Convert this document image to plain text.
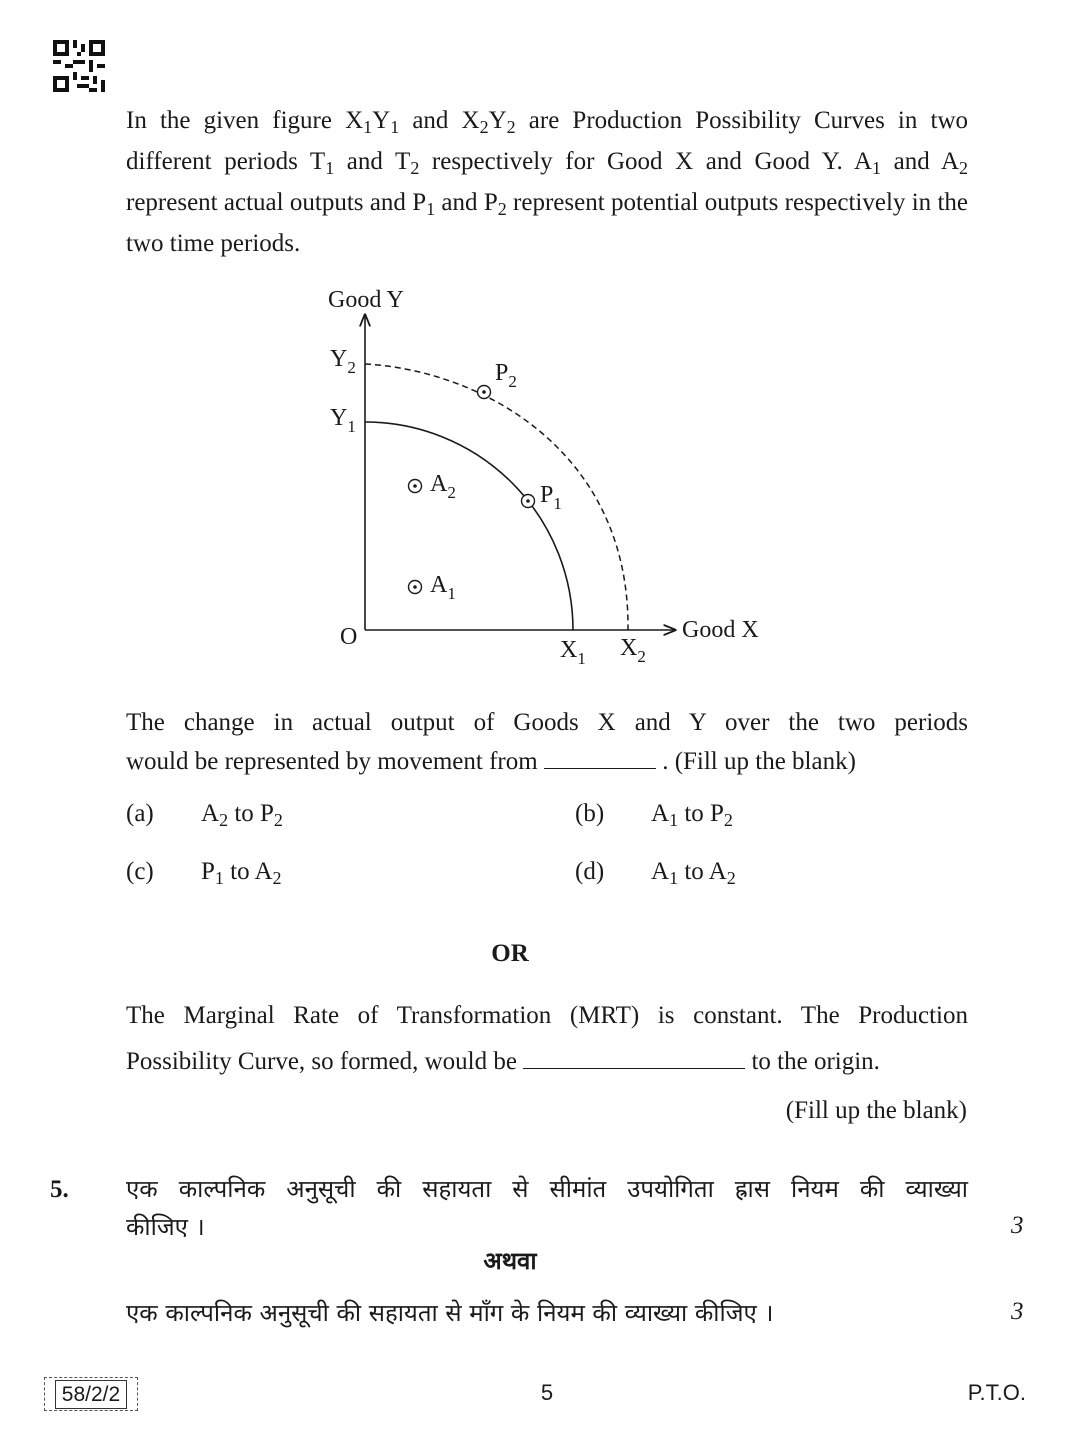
In the given figure $X_1Y_1$ and $X_2Y_2$ are Production Possibility Curves in two different periods $T_1$ and $T_2$ respectively for Good X and Good Y. $A_1$ and $A_2$ represent actual outputs and $P_1$ and $P_2$ represent potential outputs respectively in the two time periods.
Good Y
Good X
O
$Y_2$
$Y_1$
$X_1$ $X_2$
$P_2$
$P_1$
$A_2$
$A_1$
The change in actual output of Goods X and Y over the two periods
would be represented by movement from	. (Fill up the blank)
(a) $A_2$ to $P_2$	(b) $A_1$ to $P_2$
(c) $P_1$ to $A_2$	(d) $A_1$ to $A_2$
OR
The Marginal Rate of Transformation (MRT) is constant. The Production
Possibility Curve, so formed, would be	to the origin.
(Fill up the blank)
5. एक काल्पनिक अनुसूची की सहायता से सीमांत उपयोगिता ह्रास नियम की व्याख्या
कीजिए ।	3
अथवा
एक काल्पनिक अनुसूची की सहायता से माँग के नियम की व्याख्या कीजिए ।	3
58/2/2	5	P.T.O.
